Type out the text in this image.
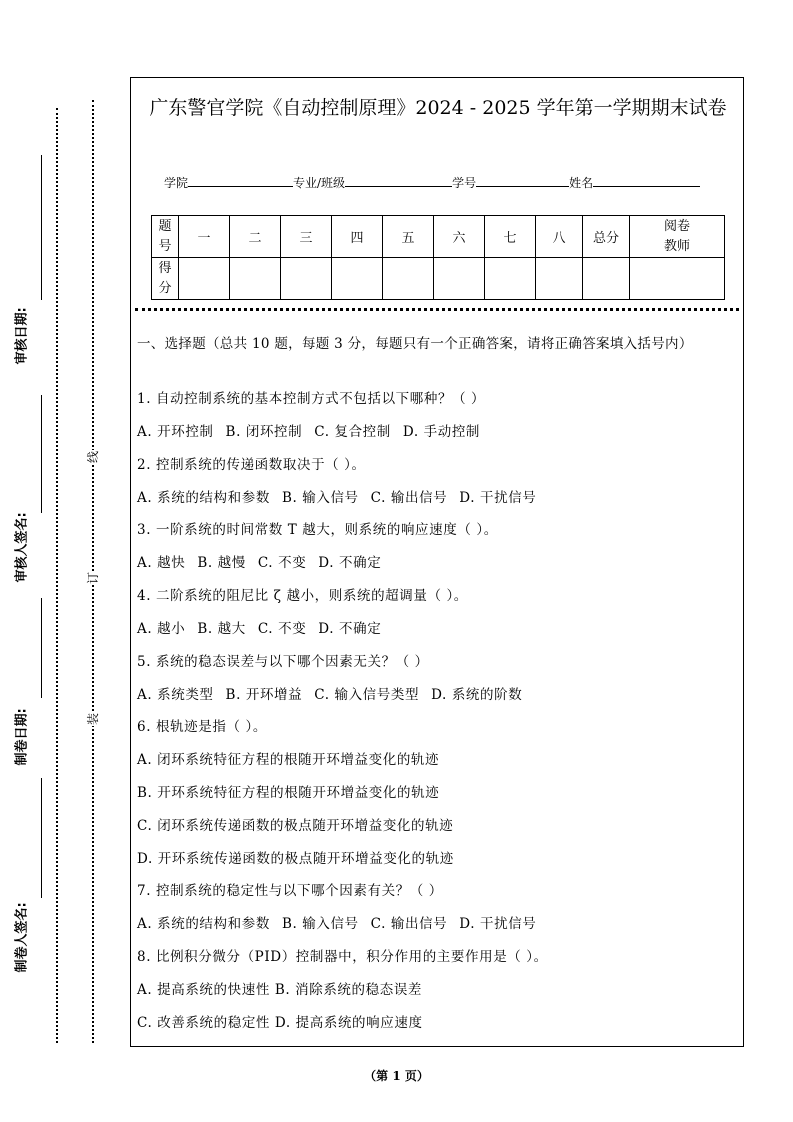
审核日期:
审核人签名:
制卷日期:
制卷人签名:
线
订
装
广东警官学院《自动控制原理》2024 - 2025 学年第一学期期末试卷
学院	专业/班级	学号	姓名
题号	一	二	三	四	五	六	七	八	总分	阅卷教师
得分										
一、选择题（总共 10 题，每题 3 分，每题只有一个正确答案，请将正确答案填入括号内）
1. 自动控制系统的基本控制方式不包括以下哪种？（ ）
A. 开环控制 B. 闭环控制 C. 复合控制 D. 手动控制
2. 控制系统的传递函数取决于（ ）。
A. 系统的结构和参数 B. 输入信号 C. 输出信号 D. 干扰信号
3. 一阶系统的时间常数 T 越大，则系统的响应速度（ ）。
A. 越快 B. 越慢 C. 不变 D. 不确定
4. 二阶系统的阻尼比 ζ 越小，则系统的超调量（ ）。
A. 越小 B. 越大 C. 不变 D. 不确定
5. 系统的稳态误差与以下哪个因素无关？（ ）
A. 系统类型 B. 开环增益 C. 输入信号类型 D. 系统的阶数
6. 根轨迹是指（ ）。
A. 闭环系统特征方程的根随开环增益变化的轨迹
B. 开环系统特征方程的根随开环增益变化的轨迹
C. 闭环系统传递函数的极点随开环增益变化的轨迹
D. 开环系统传递函数的极点随开环增益变化的轨迹
7. 控制系统的稳定性与以下哪个因素有关？（ ）
A. 系统的结构和参数 B. 输入信号 C. 输出信号 D. 干扰信号
8. 比例积分微分（PID）控制器中，积分作用的主要作用是（ ）。
A. 提高系统的快速性 B. 消除系统的稳态误差
C. 改善系统的稳定性 D. 提高系统的响应速度
（第 1 页）
